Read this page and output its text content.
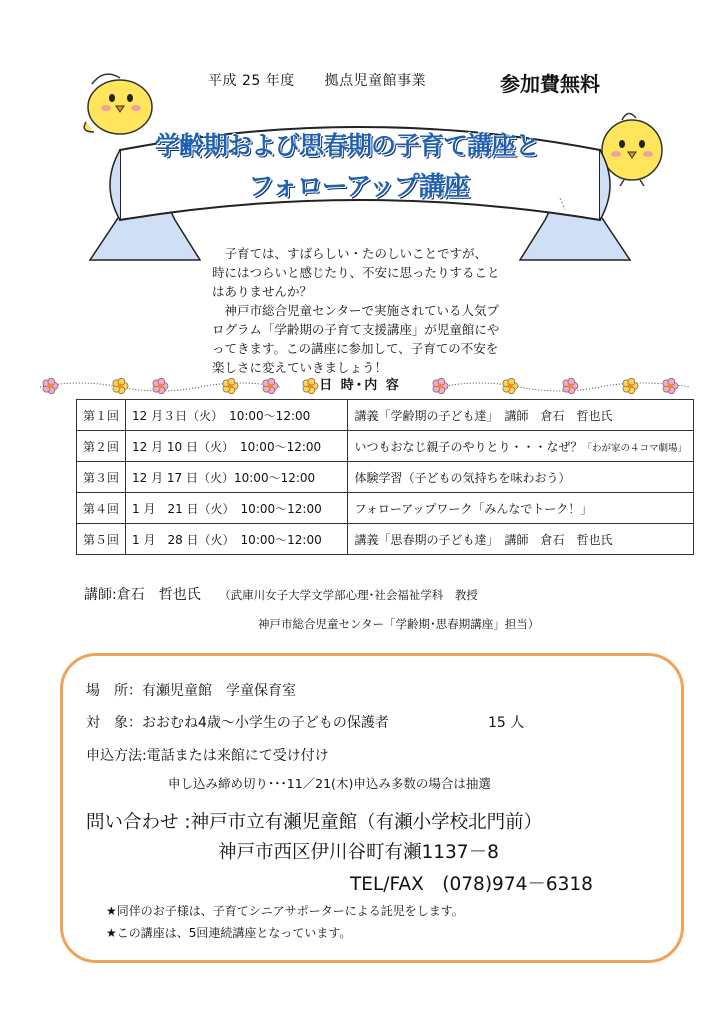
平成 25 年度 拠点児童館事業	参加費無料
学齢期および思春期の子育て講座と
フォローアップ講座

　子育ては、すばらしい・たのしいことですが、

時にはつらいと感じたり、不安に思ったりすること

はありませんか？

　神戸市総合児童センターで実施されている人気プ

ログラム「学齢期の子育て支援講座」が児童館にや

ってきます。この講座に参加して、子育ての不安を

楽しさに変えていきましょう！

日 時･内 容
第１回	12 月３日（火）　10:00～12:00	講義「学齢期の子ども達」　講師　倉石　哲也氏
第２回	12 月 10 日（火）　10:00～12:00	いつもおなじ親子のやりとり・・・なぜ？「わが家の４コマ劇場」
第３回	12 月 17 日（火）10:00～12:00	体験学習（子どもの気持ちを味わおう）
第４回	1 月　21 日（火）　10:00～12:00	フォローアップワーク「みんなでトーク！」
第５回	1 月　28 日（火）　10:00～12:00	講義「思春期の子ども達」　講師　倉石　哲也氏
講師:倉石　哲也氏 （武庫川女子大学文学部心理･社会福祉学科　教授
神戸市総合児童センター「学齢期･思春期講座」担当）
場　所：有瀬児童館　学童保育室
対　象：おおむね4歳～小学生の子どもの保護者	15 人
申込方法:電話または来館にて受け付け
申し込み締め切り･･･11／21(木)申込み多数の場合は抽選
問い合わせ :神戸市立有瀬児童館（有瀬小学校北門前）
神戸市西区伊川谷町有瀬1137－8
TEL/FAX　(078)974－6318
★同伴のお子様は、子育てシニアサポーターによる託児をします。
★この講座は、5回連続講座となっています。
